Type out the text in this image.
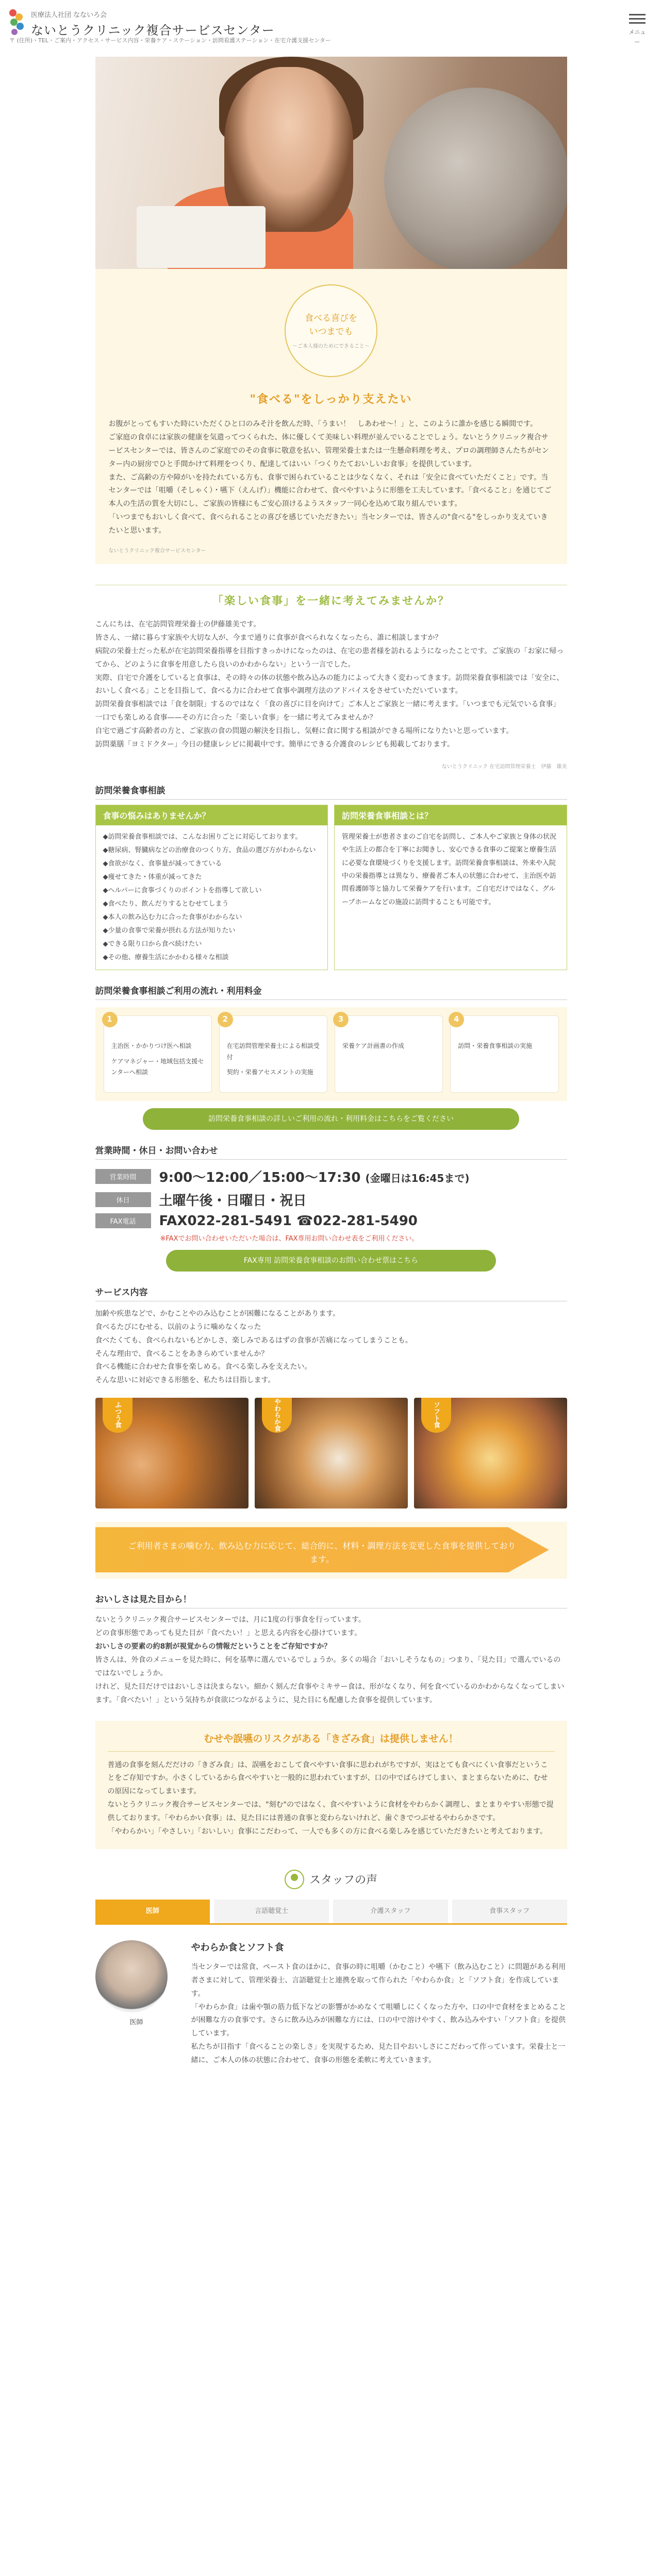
医療法人社団 なないろ会
ないとうクリニック複合サービスセンター
〒 (住所)・TEL・ご案内・アクセス・サービス内容・栄養ケア・ステーション・訪問看護ステーション・在宅介護支援センター
メニュー
食べる喜びを
いつまでも
〜ご本人様のためにできること〜
"食べる"をしっかり支えたい

お腹がとってもすいた時にいただくひと口のみそ汁を飲んだ時、「うまい！　しあわせ〜！」と、このように誰かを感じる瞬間です。

ご家庭の食卓には家族の健康を気遣ってつくられた、体に優しくて美味しい料理が並んでいることでしょう。ないとうクリニック複合サービスセンターでは、皆さんのご家庭でのその食事に敬意を払い、管理栄養士または一生懸命料理を考え、プロの調理師さんたちがセンター内の厨房でひと手間かけて料理をつくり、配達してはいい「つくりたておいしいお食事」を提供しています。

また、ご高齢の方や障がいを持たれている方も、食事で困られていることは少なくなく、それは「安全に食べていただくこと」です。当センターでは「咀嚼（そしゃく）・嚥下（えんげ）」機能に合わせて、食べやすいように形態を工夫しています。「食べること」を通じてご本人の生活の質を大切にし、ご家族の皆様にもご安心頂けるようスタッフ一同心を込めて取り組んでいます。

「いつまでもおいしく食べて、食べられることの喜びを感じていただきたい」当センターでは、皆さんの"食べる"をしっかり支えていきたいと思います。

ないとうクリニック複合サービスセンター
「楽しい食事」を一緒に考えてみませんか？

こんにちは、在宅訪問管理栄養士の伊藤雄美です。

皆さん、一緒に暮らす家族や大切な人が、今まで通りに食事が食べられなくなったら、誰に相談しますか？

病院の栄養士だった私が在宅訪問栄養指導を目指すきっかけになったのは、在宅の患者様を訪れるようになったことです。ご家族の「お家に帰ってから、どのように食事を用意したら良いのかわからない」という一言でした。

実際、自宅で介護をしていると食事は、その時々の体の状態や飲み込みの能力によって大きく変わってきます。訪問栄養食事相談では「安全に、おいしく食べる」ことを目指して、食べる力に合わせて食事や調理方法のアドバイスをさせていただいています。

訪問栄養食事相談では「食を制限」するのではなく「食の喜びに目を向けて」ご本人とご家族と一緒に考えます。「いつまでも元気でいる食事」一口でも楽しめる食事——その方に合った「楽しい食事」を一緒に考えてみませんか？

自宅で過ごす高齢者の方と、ご家族の食の問題の解決を目指し、気軽に食に関する相談ができる場所になりたいと思っています。

訪問薬膳「ヨミドクター」今日の健康レシピに掲載中です。簡単にできる介護食のレシピも掲載しております。

ないとうクリニック 在宅訪問管理栄養士　伊藤　雄美
訪問栄養食事相談
食事の悩みはありませんか？
◆訪問栄養食事相談では、こんなお困りごとに対応しております。
◆糖尿病、腎臓病などの治療食のつくり方、食品の選び方がわからない
◆食欲がなく、食事量が減ってきている
◆痩せてきた・体重が減ってきた
◆ヘルパーに食事づくりのポイントを指導して欲しい
◆食べたり、飲んだりするとむせてしまう
◆本人の飲み込む力に合った食事がわからない
◆少量の食事で栄養が摂れる方法が知りたい
◆できる限り口から食べ続けたい
◆その他、療養生活にかかわる様々な相談
訪問栄養食事相談とは？
管理栄養士が患者さまのご自宅を訪問し、ご本人やご家族と身体の状況や生活上の都合を丁寧にお聞きし、安心できる食事のご提案と療養生活に必要な食環境づくりを支援します。訪問栄養食事相談は、外来や入院中の栄養指導とは異なり、療養者ご本人の状態に合わせて、主治医や訪問看護師等と協力して栄養ケアを行います。ご自宅だけではなく、グループホームなどの施設に訪問することも可能です。
訪問栄養食事相談ご利用の流れ・利用料金
1
主治医・かかりつけ医へ相談
ケアマネジャー・地域包括支援センターへ相談
2
在宅訪問管理栄養士による相談受付
契約・栄養アセスメントの実施
3
栄養ケア計画書の作成
4
訪問・栄養食事相談の実施
訪問栄養食事相談の詳しいご利用の流れ・利用料金はこちらをご覧ください
営業時間・休日・お問い合わせ
営業時間	9:00〜12:00／15:00〜17:30 (金曜日は16:45まで)
休日	土曜午後・日曜日・祝日
FAX電話	FAX022-281-5491 ☎022-281-5490
※FAXでお問い合わせいただいた場合は、FAX専用お問い合わせ表をご利用ください。
FAX専用 訪問栄養食事相談のお問い合わせ票はこちら
サービス内容

加齢や疾患などで、かむことやのみ込むことが困難になることがあります。

食べるたびにむせる、以前のように噛めなくなった

食べたくても、食べられないもどかしさ、楽しみであるはずの食事が苦痛になってしまうことも。

そんな理由で、食べることをあきらめていませんか？

食べる機能に合わせた食事を楽しめる。食べる楽しみを支えたい。

そんな思いに対応できる形態を、私たちは目指します。

ふつう食	やわらか食	ソフト食
ご利用者さまの噛む力、飲み込む力に応じて、総合的に、材料・調理方法を変更した食事を提供しております。
おいしさは見た目から！

ないとうクリニック複合サービスセンターでは、月に1度の行事食を行っています。

どの食事形態であっても見た目が「食べたい！」と思える内容を心掛けています。

おいしさの要素の約8割が視覚からの情報だということをご存知ですか？

皆さんは、外食のメニューを見た時に、何を基準に選んでいるでしょうか。多くの場合「おいしそうなもの」つまり、「見た目」で選んでいるのではないでしょうか。

けれど、見た目だけではおいしさは決まらない。細かく刻んだ食事やミキサー食は、形がなくなり、何を食べているのかわからなくなってしまいます。「食べたい！」という気持ちが食欲につながるように、見た目にも配慮した食事を提供しています。

むせや誤嚥のリスクがある「きざみ食」は提供しません！

普通の食事を刻んだだけの「きざみ食」は、誤嚥をおこして食べやすい食事に思われがちですが、実はとても食べにくい食事だということをご存知ですか。小さくしているから食べやすいと一般的に思われていますが、口の中でばらけてしまい、まとまらないために、むせの原因になってしまいます。

ないとうクリニック複合サービスセンターでは、"刻む"のではなく、食べやすいように食材をやわらかく調理し、まとまりやすい形態で提供しております。「やわらかい食事」は、見た目には普通の食事と変わらないけれど、歯ぐきでつぶせるやわらかさです。

「やわらかい」「やさしい」「おいしい」食事にこだわって、一人でも多くの方に食べる楽しみを感じていただきたいと考えております。

スタッフの声
医師	言語聴覚士	介護スタッフ	食事スタッフ
医師
やわらか食とソフト食

当センターでは常食、ペースト食のほかに、食事の時に咀嚼（かむこと）や嚥下（飲み込むこと）に問題がある利用者さまに対して、管理栄養士、言語聴覚士と連携を取って作られた「やわらか食」と「ソフト食」を作成しています。

「やわらか食」は歯や顎の筋力低下などの影響がかめなくて咀嚼しにくくなった方や、口の中で食材をまとめることが困難な方の食事です。さらに飲み込みが困難な方には、口の中で溶けやすく、飲み込みやすい「ソフト食」を提供しています。

私たちが目指す「食べることの楽しさ」を実現するため、見た目やおいしさにこだわって作っています。栄養士と一緒に、ご本人の体の状態に合わせて、食事の形態を柔軟に考えていきます。
